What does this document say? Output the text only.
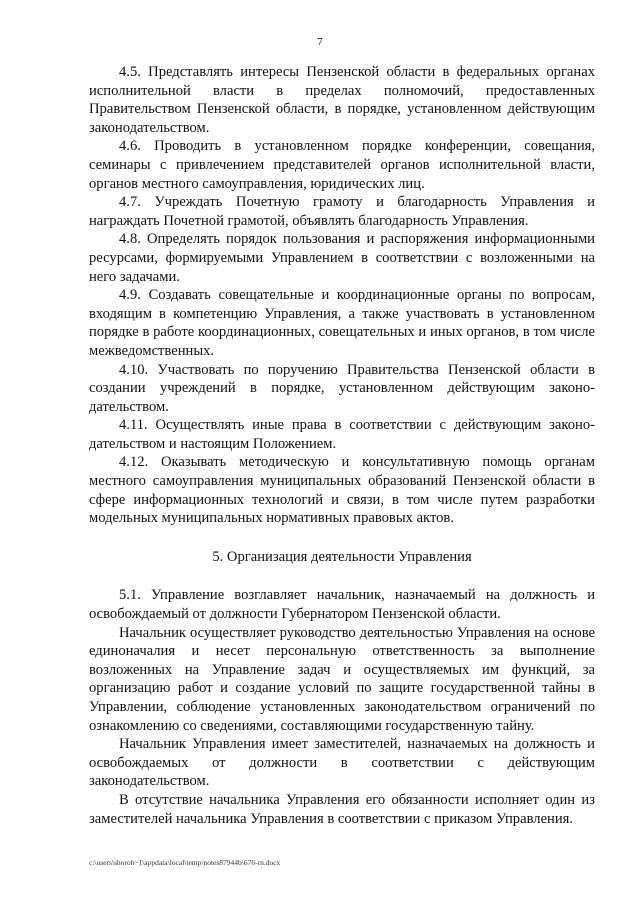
7

4.5. Представлять интересы Пензенской области в федеральных органах исполнительной власти в пределах полномочий, предоставленных Правительством Пензенской области, в порядке, установленном действующим законодательством.

4.6. Проводить в установленном порядке конференции, совещания, семинары с привлечением представителей органов исполнительной власти, органов местного самоуправления, юридических лиц.

4.7. Учреждать Почетную грамоту и благодарность Управления и награждать Почетной грамотой, объявлять благодарность Управления.

4.8. Определять порядок пользования и распоряжения информационными ресурсами, формируемыми Управлением в соответствии с возложенными на него задачами.

4.9. Создавать совещательные и координационные органы по вопросам, входящим в компетенцию Управления, а также участвовать в установленном порядке в работе координационных, совещательных и иных органов, в том числе межведомственных.

4.10. Участвовать по поручению Правительства Пензенской области в создании учреждений в порядке, установленном действующим законо-дательством.

4.11. Осуществлять иные права в соответствии с действующим законо-дательством и настоящим Положением.

4.12. Оказывать методическую и консультативную помощь органам местного самоуправления муниципальных образований Пензенской области в сфере информационных технологий и связи, в том числе путем разработки модельных муниципальных нормативных правовых актов.

5. Организация деятельности Управления

5.1. Управление возглавляет начальник, назначаемый на должность и освобождаемый от должности Губернатором Пензенской области.

Начальник осуществляет руководство деятельностью Управления на основе единоначалия и несет персональную ответственность за выполнение возложенных на Управление задач и осуществляемых им функций, за организацию работ и создание условий по защите государственной тайны в Управлении, соблюдение установленных законодательством ограничений по ознакомлению со сведениями, составляющими государственную тайну.

Начальник Управления имеет заместителей, назначаемых на должность и освобождаемых от должности в соответствии с действующим законодательством.

В отсутствие начальника Управления его обязанности исполняет один из заместителей начальника Управления в соответствии с приказом Управления.

c:\users\shoroh~1\appdata\local\temp\notes87944b\676-rn.docx
